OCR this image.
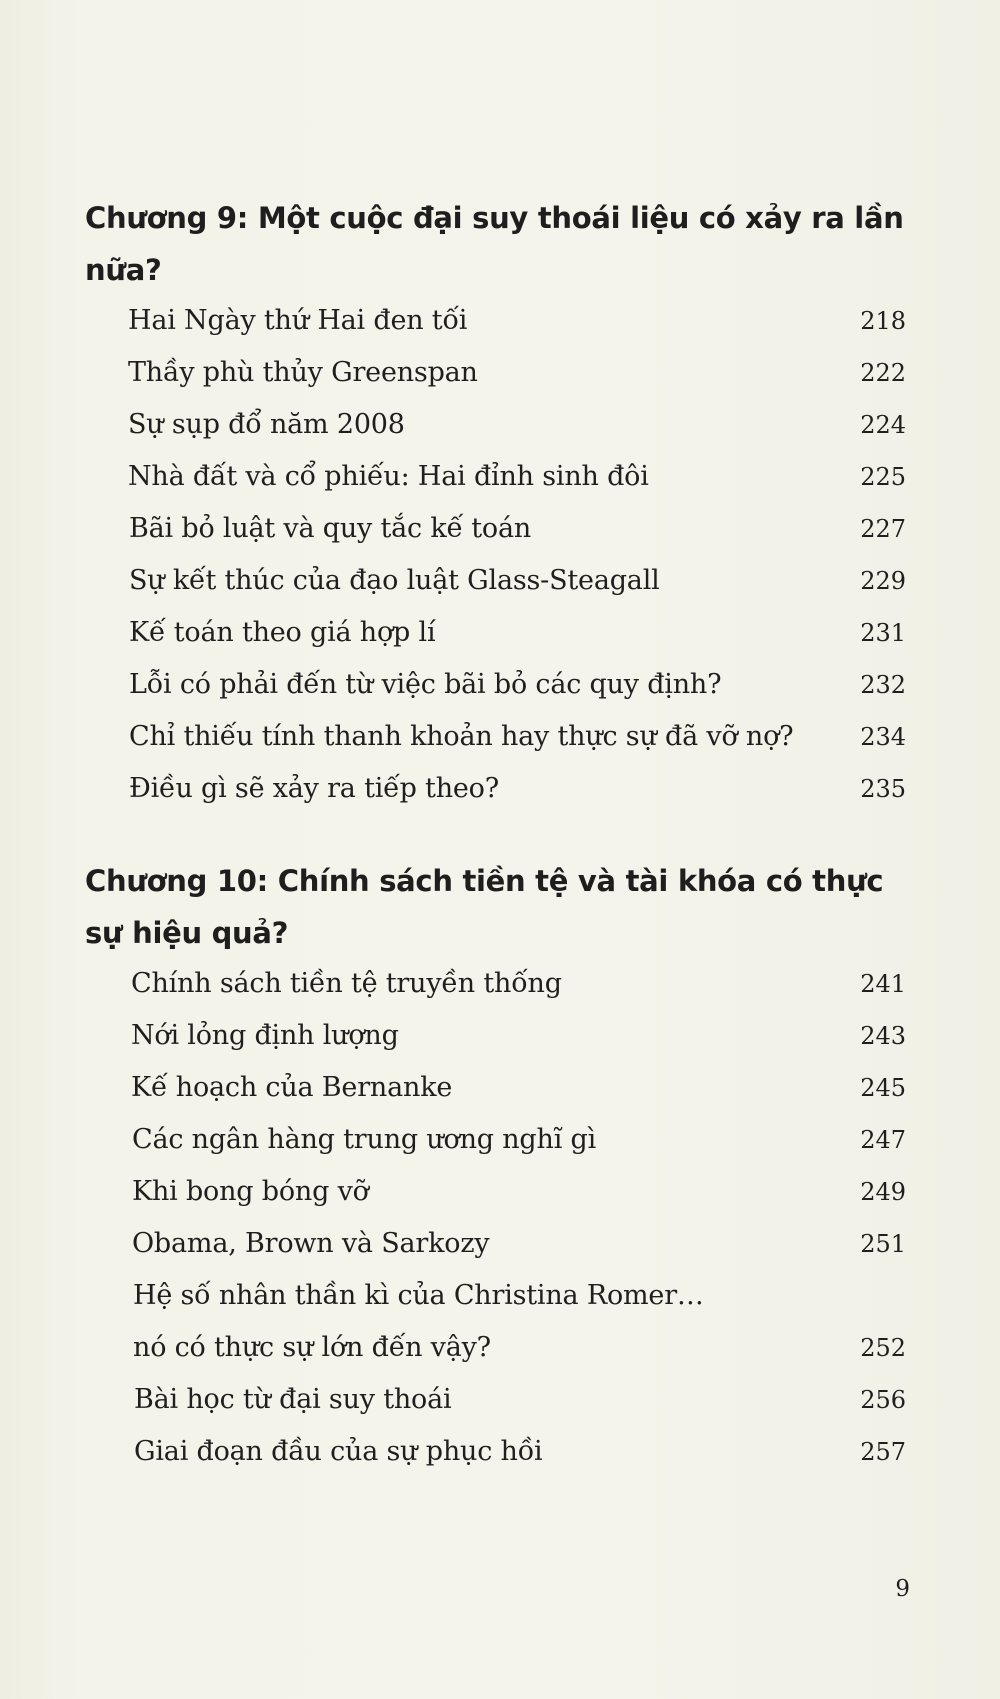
Chương 9: Một cuộc đại suy thoái liệu có xảy ra lần nữa?
Hai Ngày thứ Hai đen tối	218
Thầy phù thủy Greenspan	222
Sự sụp đổ năm 2008	224
Nhà đất và cổ phiếu: Hai đỉnh sinh đôi	225
Bãi bỏ luật và quy tắc kế toán	227
Sự kết thúc của đạo luật Glass-Steagall	229
Kế toán theo giá hợp lí	231
Lỗi có phải đến từ việc bãi bỏ các quy định?	232
Chỉ thiếu tính thanh khoản hay thực sự đã vỡ nợ?	234
Điều gì sẽ xảy ra tiếp theo?	235
Chương 10: Chính sách tiền tệ và tài khóa có thực sự hiệu quả?
Chính sách tiền tệ truyền thống	241
Nới lỏng định lượng	243
Kế hoạch của Bernanke	245
Các ngân hàng trung ương nghĩ gì	247
Khi bong bóng vỡ	249
Obama, Brown và Sarkozy	251
Hệ số nhân thần kì của Christina Romer…
nó có thực sự lớn đến vậy?	252
Bài học từ đại suy thoái	256
Giai đoạn đầu của sự phục hồi	257
9
